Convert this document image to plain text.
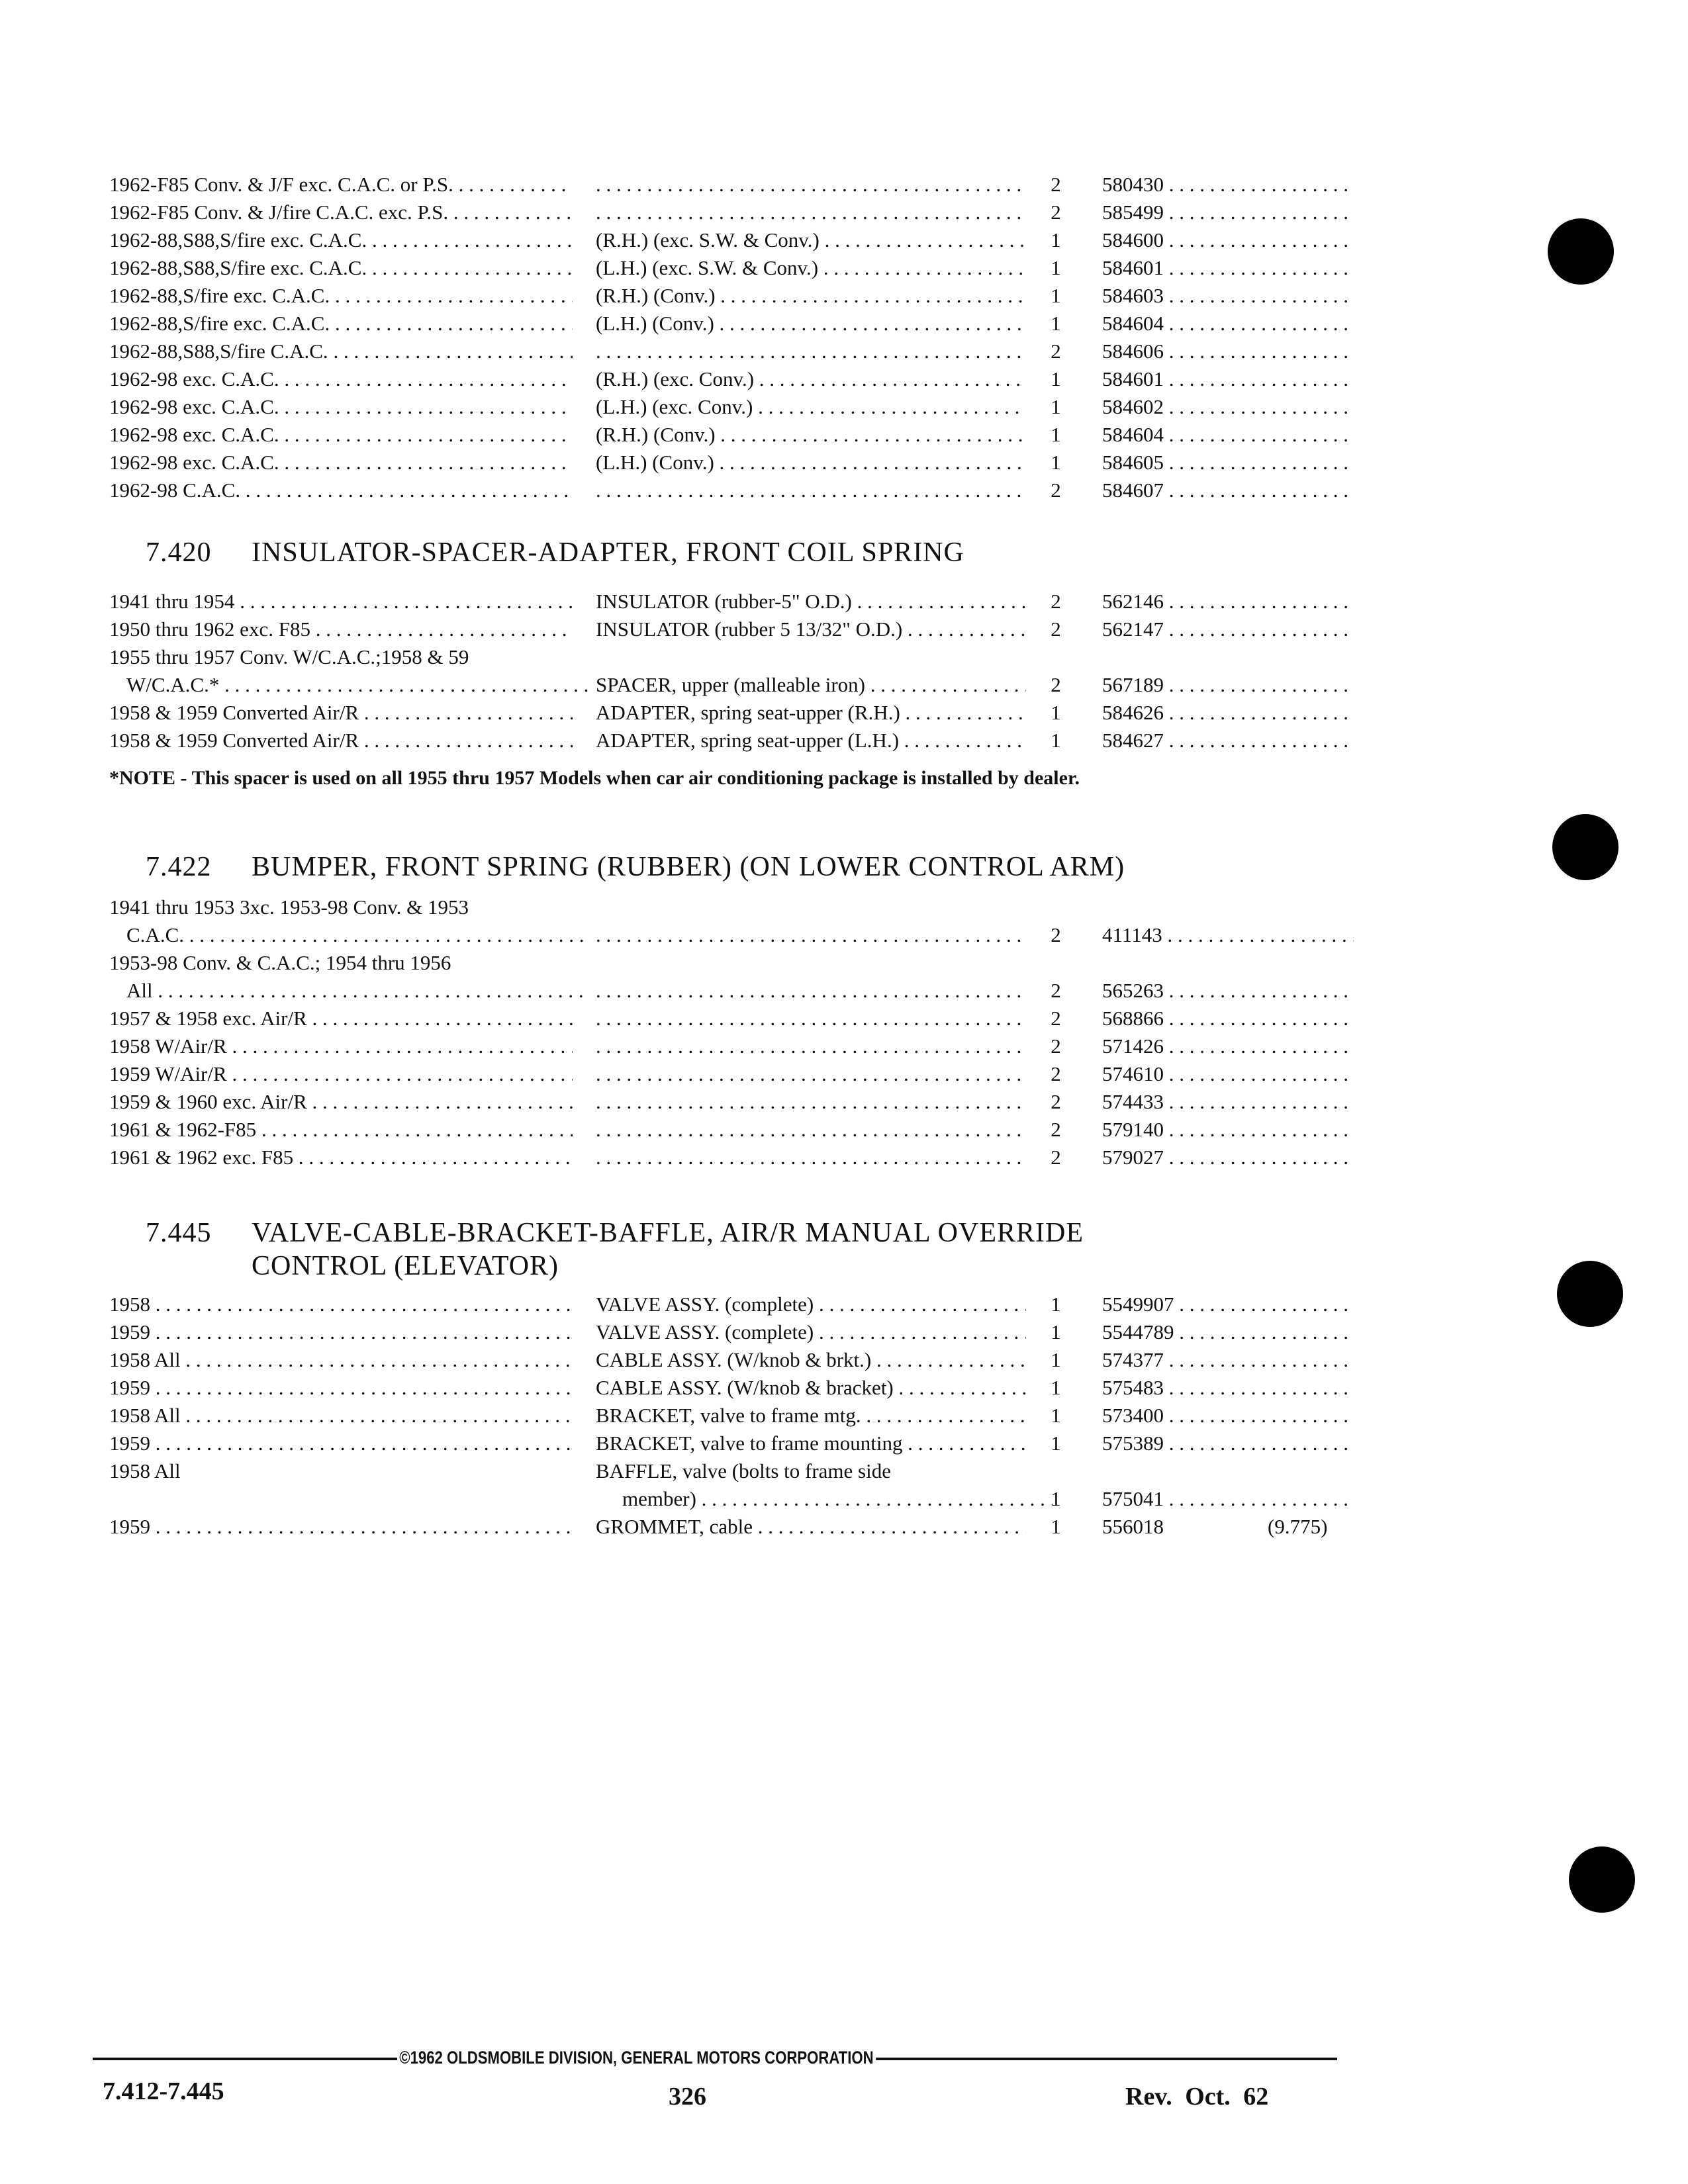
1962-F85 Conv. & J/F exc. C.A.C. or P.S. . . . . . .	2	580430 . . .
1962-F85 Conv. & J/fire C.A.C. exc. P.S. . . . . . .	2	585499 . . .
1962-88,S88,S/fire exc. C.A.C. . . .	(R.H.) (exc. S.W. & Conv.) . . .	1	584600 . . .
1962-88,S88,S/fire exc. C.A.C. . . .	(L.H.) (exc. S.W. & Conv.) . . .	1	584601 . . .
1962-88,S/fire exc. C.A.C. . . .	(R.H.) (Conv.) . . .	1	584603 . . .
1962-88,S/fire exc. C.A.C. . . .	(L.H.) (Conv.) . . .	1	584604 . . .
1962-88,S88,S/fire C.A.C. . . . . . .	2	584606 . . .
1962-98 exc. C.A.C. . . .	(R.H.) (exc. Conv.) . . .	1	584601 . . .
1962-98 exc. C.A.C. . . .	(L.H.) (exc. Conv.) . . .	1	584602 . . .
1962-98 exc. C.A.C. . . .	(R.H.) (Conv.) . . .	1	584604 . . .
1962-98 exc. C.A.C. . . .	(L.H.) (Conv.) . . .	1	584605 . . .
1962-98 C.A.C. . . . . . .	2	584607 . . .
7.420 INSULATOR-SPACER-ADAPTER, FRONT COIL SPRING
1941 thru 1954 . . .	INSULATOR (rubber-5" O.D.) . . .	2	562146 . . .
1950 thru 1962 exc. F85 . . .	INSULATOR (rubber 5 13/32" O.D.) . . .	2	562147 . . .
1955 thru 1957 Conv. W/C.A.C.;1958 & 59
W/C.A.C.* . . .	SPACER, upper (malleable iron) . . .	2	567189 . . .
1958 & 1959 Converted Air/R . . .	ADAPTER, spring seat-upper (R.H.) . . .	1	584626 . . .
1958 & 1959 Converted Air/R . . .	ADAPTER, spring seat-upper (L.H.) . . .	1	584627 . . .
*NOTE - This spacer is used on all 1955 thru 1957 Models when car air conditioning package is installed by dealer.
7.422 BUMPER, FRONT SPRING (RUBBER) (ON LOWER CONTROL ARM)
1941 thru 1953 3xc. 1953-98 Conv. & 1953
C.A.C. . . . . . .	2	411143 . . .
1953-98 Conv. & C.A.C.; 1954 thru 1956
All . . . . . .	2	565263 . . .
1957 & 1958 exc. Air/R . . . . . .	2	568866 . . .
1958 W/Air/R . . . . . .	2	571426 . . .
1959 W/Air/R . . . . . .	2	574610 . . .
1959 & 1960 exc. Air/R . . . . . .	2	574433 . . .
1961 & 1962-F85 . . . . . .	2	579140 . . .
1961 & 1962 exc. F85 . . . . . .	2	579027 . . .
7.445 VALVE-CABLE-BRACKET-BAFFLE, AIR/R MANUAL OVERRIDE
CONTROL (ELEVATOR)
1958 . . .	VALVE ASSY. (complete) . . .	1	5549907 . . .
1959 . . .	VALVE ASSY. (complete) . . .	1	5544789 . . .
1958 All . . .	CABLE ASSY. (W/knob & brkt.) . . .	1	574377 . . .
1959 . . .	CABLE ASSY. (W/knob & bracket) . . .	1	575483 . . .
1958 All . . .	BRACKET, valve to frame mtg. . . .	1	573400 . . .
1959 . . .	BRACKET, valve to frame mounting . . .	1	575389 . . .
1958 All	BAFFLE, valve (bolts to frame side
member) . . .	1	575041 . . .
1959 . . .	GROMMET, cable . . .	1	556018	(9.775)
©1962 OLDSMOBILE DIVISION, GENERAL MOTORS CORPORATION
7.412-7.445	326	Rev. Oct. 62
